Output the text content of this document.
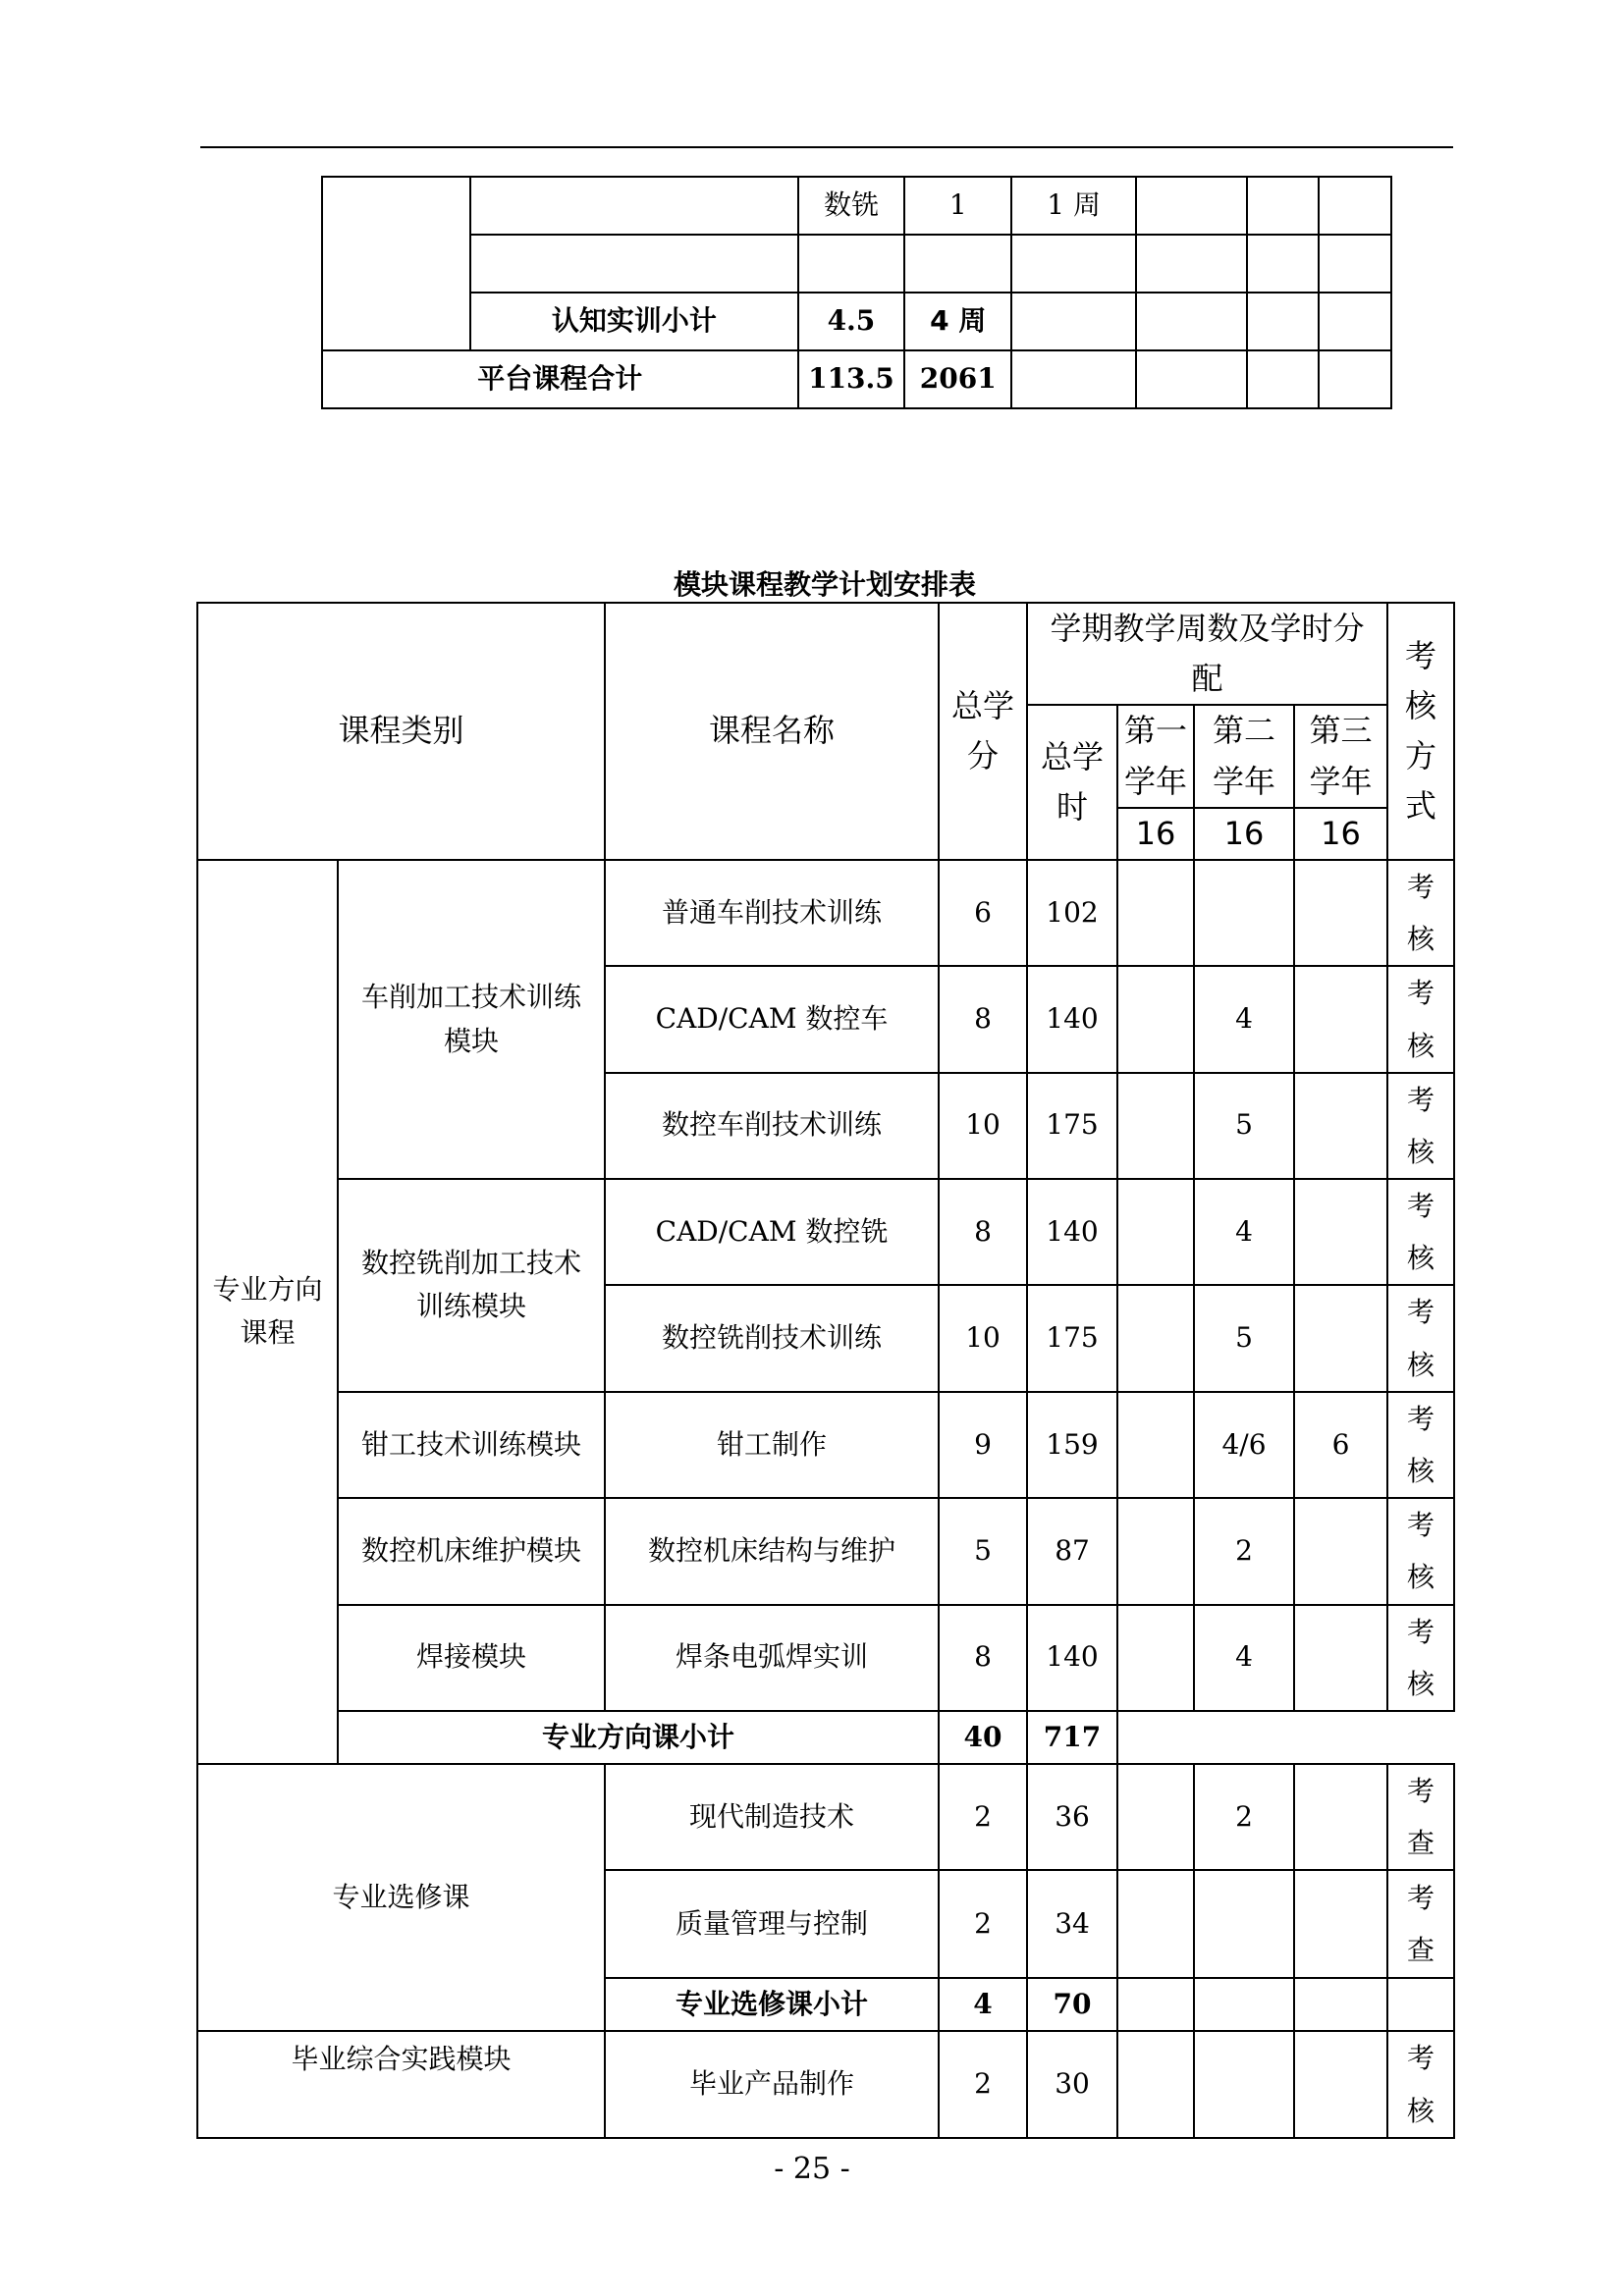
		数铣	1	1 周			

	认知实训小计	4.5	4 周				
平台课程合计		113.5	2061				
模块课程教学计划安排表
课程类别		课程名称	总学分	学期教学周数及学时分配				考核方式
				总学时	第一学年	第二学年	第三学年	
					16	16	16	
专业方向课程	车削加工技术训练模块	普通车削技术训练	6	102				考核
		CAD/CAM 数控车	8	140		4		考核
		数控车削技术训练	10	175		5		考核
	数控铣削加工技术训练模块	CAD/CAM 数控铣	8	140		4		考核
		数控铣削技术训练	10	175		5		考核
	钳工技术训练模块	钳工制作	9	159		4/6	6	考核
	数控机床维护模块	数控机床结构与维护	5	87		2		考核
	焊接模块	焊条电弧焊实训	8	140		4		考核
	专业方向课小计		40	717				
专业选修课		现代制造技术	2	36		2		考查
		质量管理与控制	2	34				考查
		专业选修课小计	4	70				
毕业综合实践模块		毕业产品制作	2	30				考核
- 25 -
